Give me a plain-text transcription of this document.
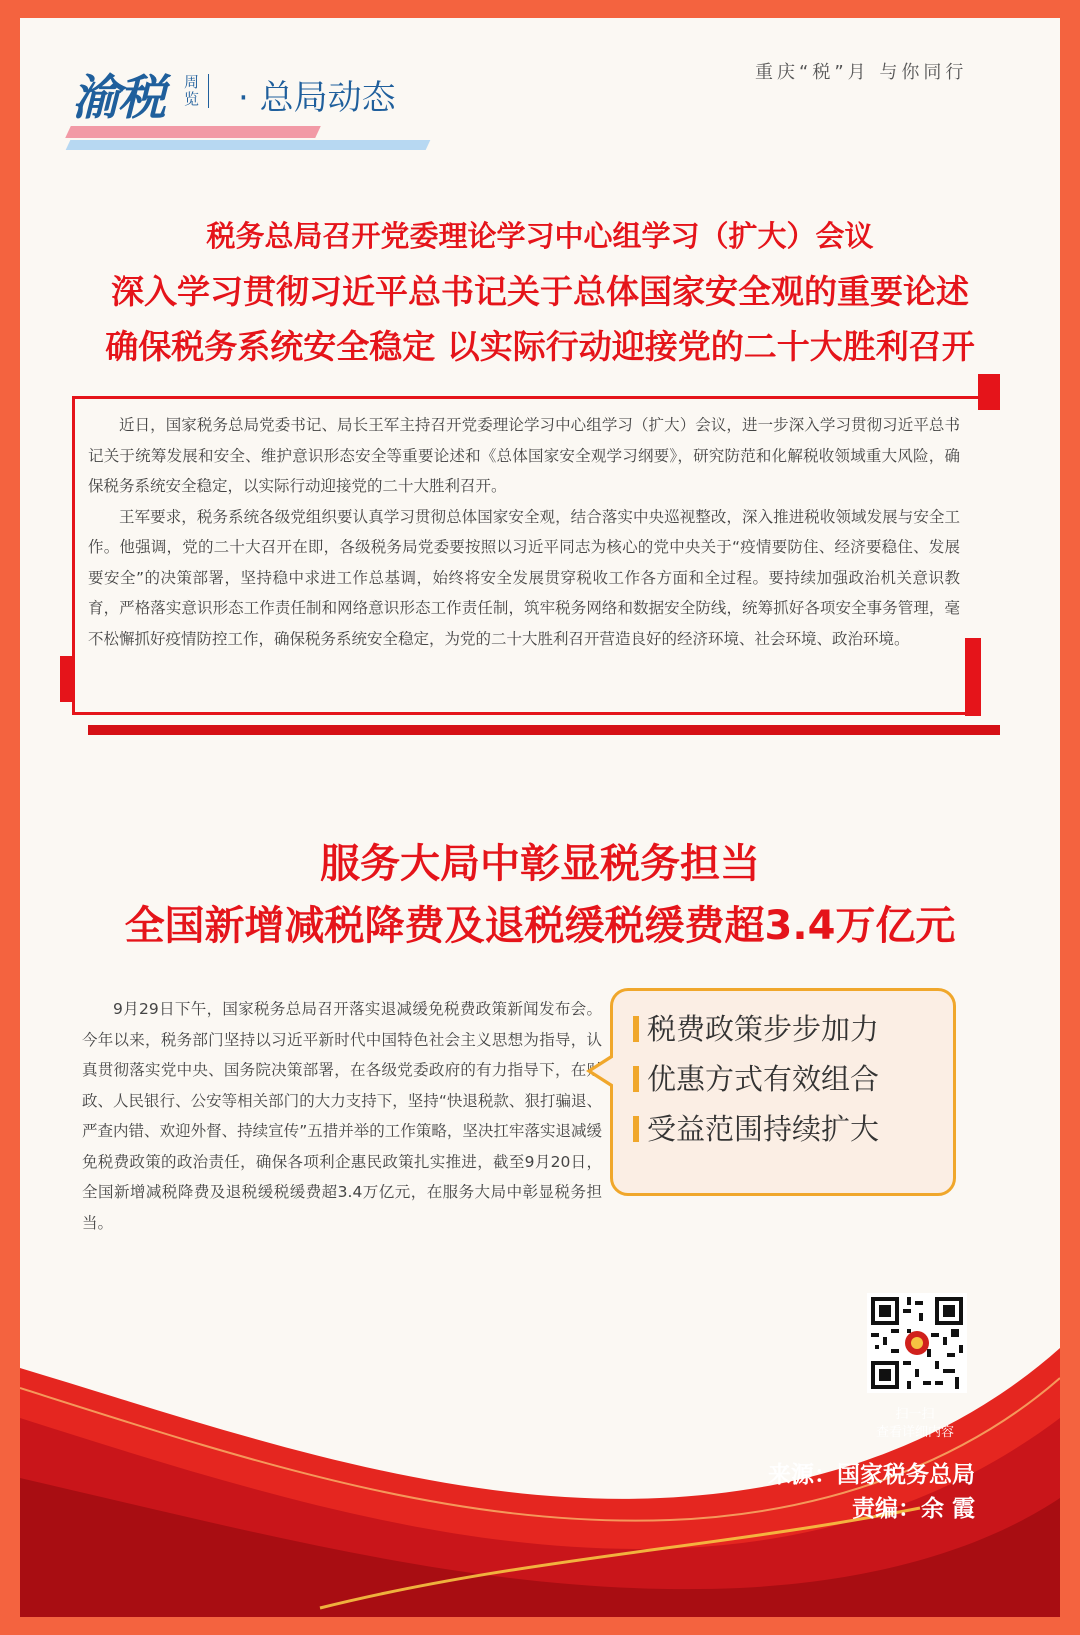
渝税 周览 · 总局动态
重庆“税”月 与你同行
税务总局召开党委理论学习中心组学习（扩大）会议
深入学习贯彻习近平总书记关于总体国家安全观的重要论述
确保税务系统安全稳定 以实际行动迎接党的二十大胜利召开

近日，国家税务总局党委书记、局长王军主持召开党委理论学习中心组学习（扩大）会议，进一步深入学习贯彻习近平总书记关于统筹发展和安全、维护意识形态安全等重要论述和《总体国家安全观学习纲要》，研究防范和化解税收领域重大风险，确保税务系统安全稳定，以实际行动迎接党的二十大胜利召开。

王军要求，税务系统各级党组织要认真学习贯彻总体国家安全观，结合落实中央巡视整改，深入推进税收领域发展与安全工作。他强调，党的二十大召开在即，各级税务局党委要按照以习近平同志为核心的党中央关于“疫情要防住、经济要稳住、发展要安全”的决策部署，坚持稳中求进工作总基调，始终将安全发展贯穿税收工作各方面和全过程。要持续加强政治机关意识教育，严格落实意识形态工作责任制和网络意识形态工作责任制，筑牢税务网络和数据安全防线，统筹抓好各项安全事务管理，毫不松懈抓好疫情防控工作，确保税务系统安全稳定，为党的二十大胜利召开营造良好的经济环境、社会环境、政治环境。

服务大局中彰显税务担当
全国新增减税降费及退税缓税缓费超3.4万亿元

9月29日下午，国家税务总局召开落实退减缓免税费政策新闻发布会。今年以来，税务部门坚持以习近平新时代中国特色社会主义思想为指导，认真贯彻落实党中央、国务院决策部署，在各级党委政府的有力指导下，在财政、人民银行、公安等相关部门的大力支持下，坚持“快退税款、狠打骗退、严查内错、欢迎外督、持续宣传”五措并举的工作策略，坚决扛牢落实退减缓免税费政策的政治责任，确保各项利企惠民政策扎实推进，截至9月20日，全国新增减税降费及退税缓税缓费超3.4万亿元，在服务大局中彰显税务担当。

税费政策步步加力
优惠方式有效组合
受益范围持续扩大
扫一扫
查看详细内容
来源：国家税务总局
责编：余 霞
